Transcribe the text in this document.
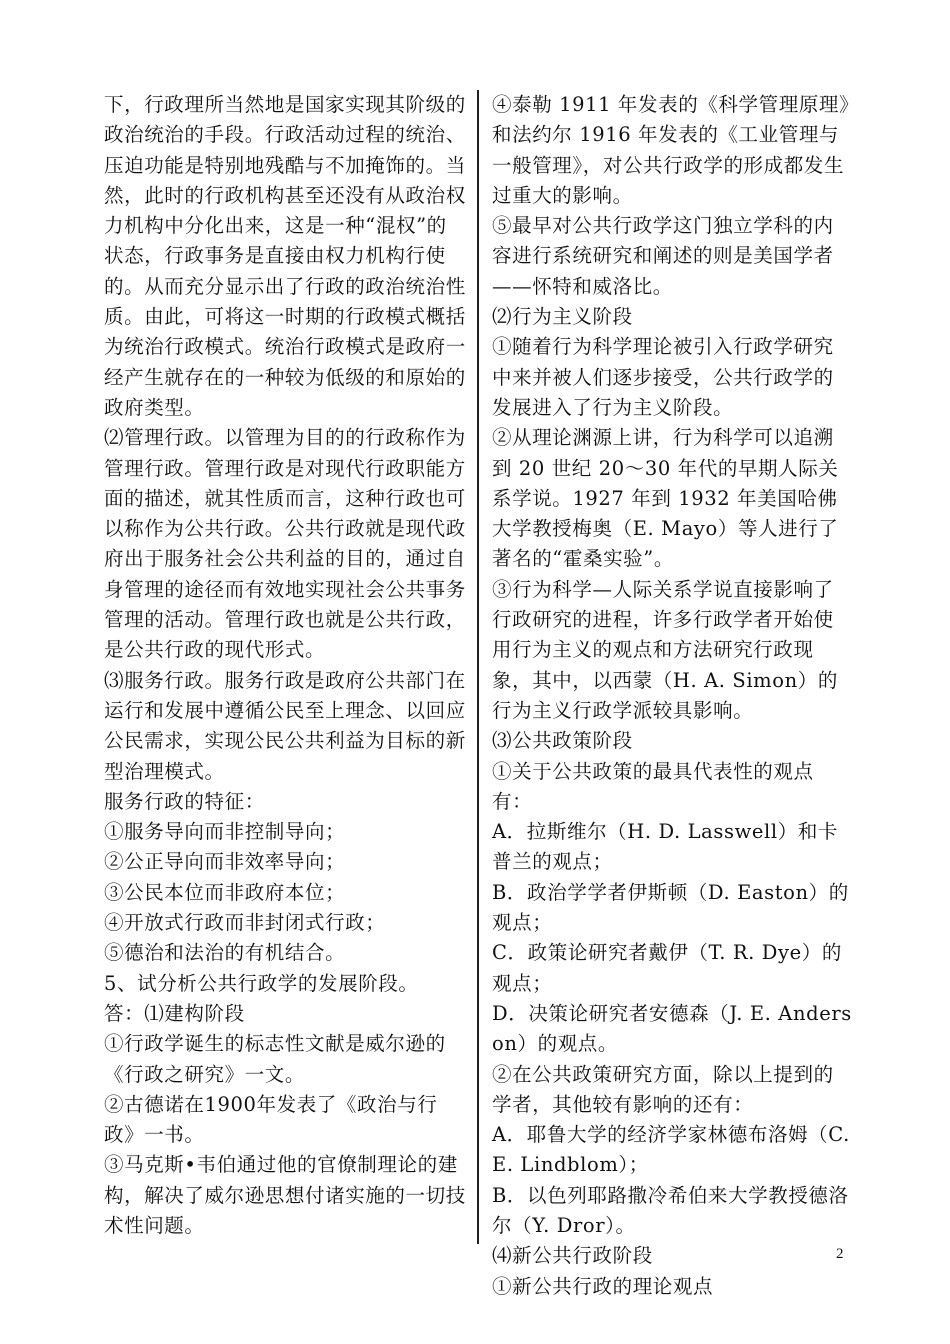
下，行政理所当然地是国家实现其阶级的政治统治的手段。行政活动过程的统治、压迫功能是特别地残酷与不加掩饰的。当然，此时的行政机构甚至还没有从政治权力机构中分化出来，这是一种“混权”的状态，行政事务是直接由权力机构行使的。从而充分显示出了行政的政治统治性质。由此，可将这一时期的行政模式概括为统治行政模式。统治行政模式是政府一经产生就存在的一种较为低级的和原始的政府类型。

⑵管理行政。以管理为目的的行政称作为管理行政。管理行政是对现代行政职能方面的描述，就其性质而言，这种行政也可以称作为公共行政。公共行政就是现代政府出于服务社会公共利益的目的，通过自身管理的途径而有效地实现社会公共事务管理的活动。管理行政也就是公共行政，是公共行政的现代形式。

⑶服务行政。服务行政是政府公共部门在运行和发展中遵循公民至上理念、以回应公民需求，实现公民公共利益为目标的新型治理模式。

服务行政的特征：

①服务导向而非控制导向；

②公正导向而非效率导向；

③公民本位而非政府本位；

④开放式行政而非封闭式行政；

⑤德治和法治的有机结合。

5、试分析公共行政学的发展阶段。

答：⑴建构阶段

①行政学诞生的标志性文献是威尔逊的《行政之研究》一文。

②古德诺在1900年发表了《政治与行政》一书。

③马克斯•韦伯通过他的官僚制理论的建构，解决了威尔逊思想付诸实施的一切技术性问题。

④泰勒 1911 年发表的《科学管理原理》和法约尔 1916 年发表的《工业管理与一般管理》，对公共行政学的形成都发生过重大的影响。

⑤最早对公共行政学这门独立学科的内容进行系统研究和阐述的则是美国学者——怀特和威洛比。

⑵行为主义阶段

①随着行为科学理论被引入行政学研究中来并被人们逐步接受，公共行政学的发展进入了行为主义阶段。

②从理论渊源上讲，行为科学可以追溯到 20 世纪 20～30 年代的早期人际关系学说。1927 年到 1932 年美国哈佛大学教授梅奥（E. Mayo）等人进行了著名的“霍桑实验”。

③行为科学—人际关系学说直接影响了行政研究的进程，许多行政学者开始使用行为主义的观点和方法研究行政现象，其中，以西蒙（H. A. Simon）的行为主义行政学派较具影响。

⑶公共政策阶段

①关于公共政策的最具代表性的观点有：

A．拉斯维尔（H. D. Lasswell）和卡普兰的观点；

B．政治学学者伊斯顿（D. Easton）的观点；

C．政策论研究者戴伊（T. R. Dye）的观点；

D．决策论研究者安德森（J. E. Anderson）的观点。

②在公共政策研究方面，除以上提到的学者，其他较有影响的还有：

A．耶鲁大学的经济学家林德布洛姆（C. E. Lindblom）；

B．以色列耶路撒冷希伯来大学教授德洛尔（Y. Dror）。

⑷新公共行政阶段

①新公共行政的理论观点

2
